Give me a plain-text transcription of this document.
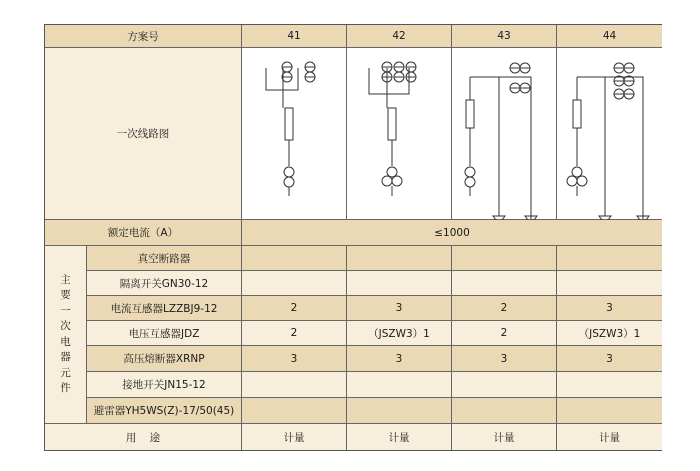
方案号	41	42	43	44
一次线路图
额定电流（A）	≤1000
主
要
一
次
电
器
元
件
真空断路器
隔离开关GN30-12
电流互感器LZZBJ9-12	2	3	2	3
电压互感器JDZ	2	（JSZW3）1	2	（JSZW3）1
高压熔断器XRNP	3	3	3	3
接地开关JN15-12
避雷器YH5WS(Z)-17/50(45)
用    途	计量	计量	计量	计量
